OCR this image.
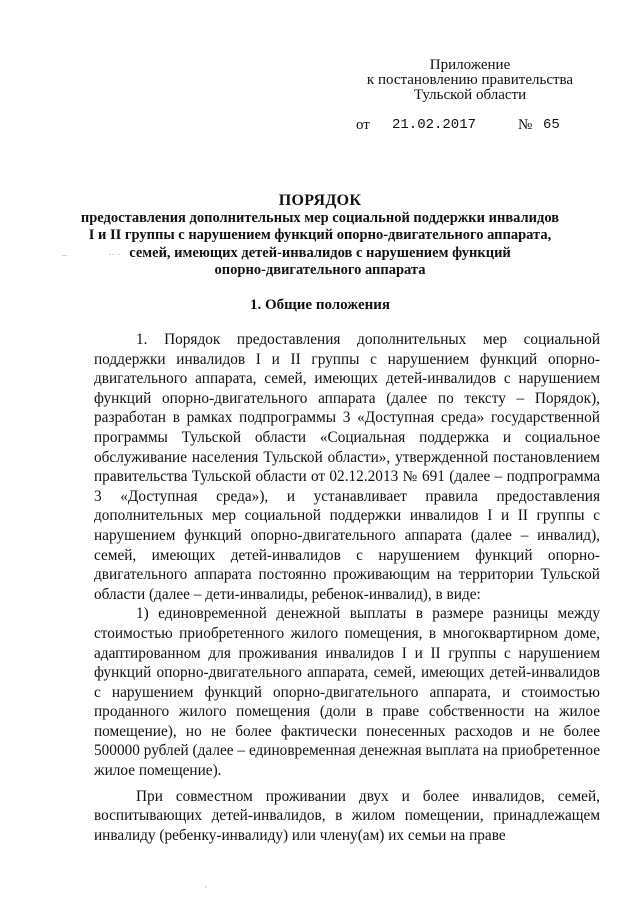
Приложение
к постановлению правительства
Тульской области
от 21.02.2017	№ 65
ПОРЯДОК
предоставления дополнительных мер социальной поддержки инвалидов
I и II группы с нарушением функций опорно-двигательного аппарата,
семей, имеющих детей-инвалидов с нарушением функций
опорно-двигательного аппарата
‒	·· ·
1. Общие положения

1. Порядок предоставления дополнительных мер социальной поддержки инвалидов I и II группы с нарушением функций опорно-двигательного аппарата, семей, имеющих детей-инвалидов с нарушением функций опорно-двигательного аппарата (далее по тексту – Порядок), разработан в рамках подпрограммы 3 «Доступная среда» государственной программы Тульской области «Социальная поддержка и социальное обслуживание населения Тульской области», утвержденной постановлением правительства Тульской области от 02.12.2013 № 691 (далее – подпрограмма 3 «Доступная среда»), и устанавливает правила предоставления дополнительных мер социальной поддержки инвалидов I и II группы с нарушением функций опорно-двигательного аппарата (далее – инвалид), семей, имеющих детей-инвалидов с нарушением функций опорно-двигательного аппарата постоянно проживающим на территории Тульской области (далее – дети-инвалиды, ребенок-инвалид), в виде:

1) единовременной денежной выплаты в размере разницы между стоимостью приобретенного жилого помещения, в многоквартирном доме, адаптированном для проживания инвалидов I и II группы с нарушением функций опорно-двигательного аппарата, семей, имеющих детей-инвалидов с нарушением функций опорно-двигательного аппарата, и стоимостью проданного жилого помещения (доли в праве собственности на жилое помещение), но не более фактически понесенных расходов и не более 500000 рублей (далее – единовременная денежная выплата на приобретенное жилое помещение).

При совместном проживании двух и более инвалидов, семей, воспитывающих детей-инвалидов, в жилом помещении, принадлежащем инвалиду (ребенку-инвалиду) или члену(ам) их семьи на праве

'
